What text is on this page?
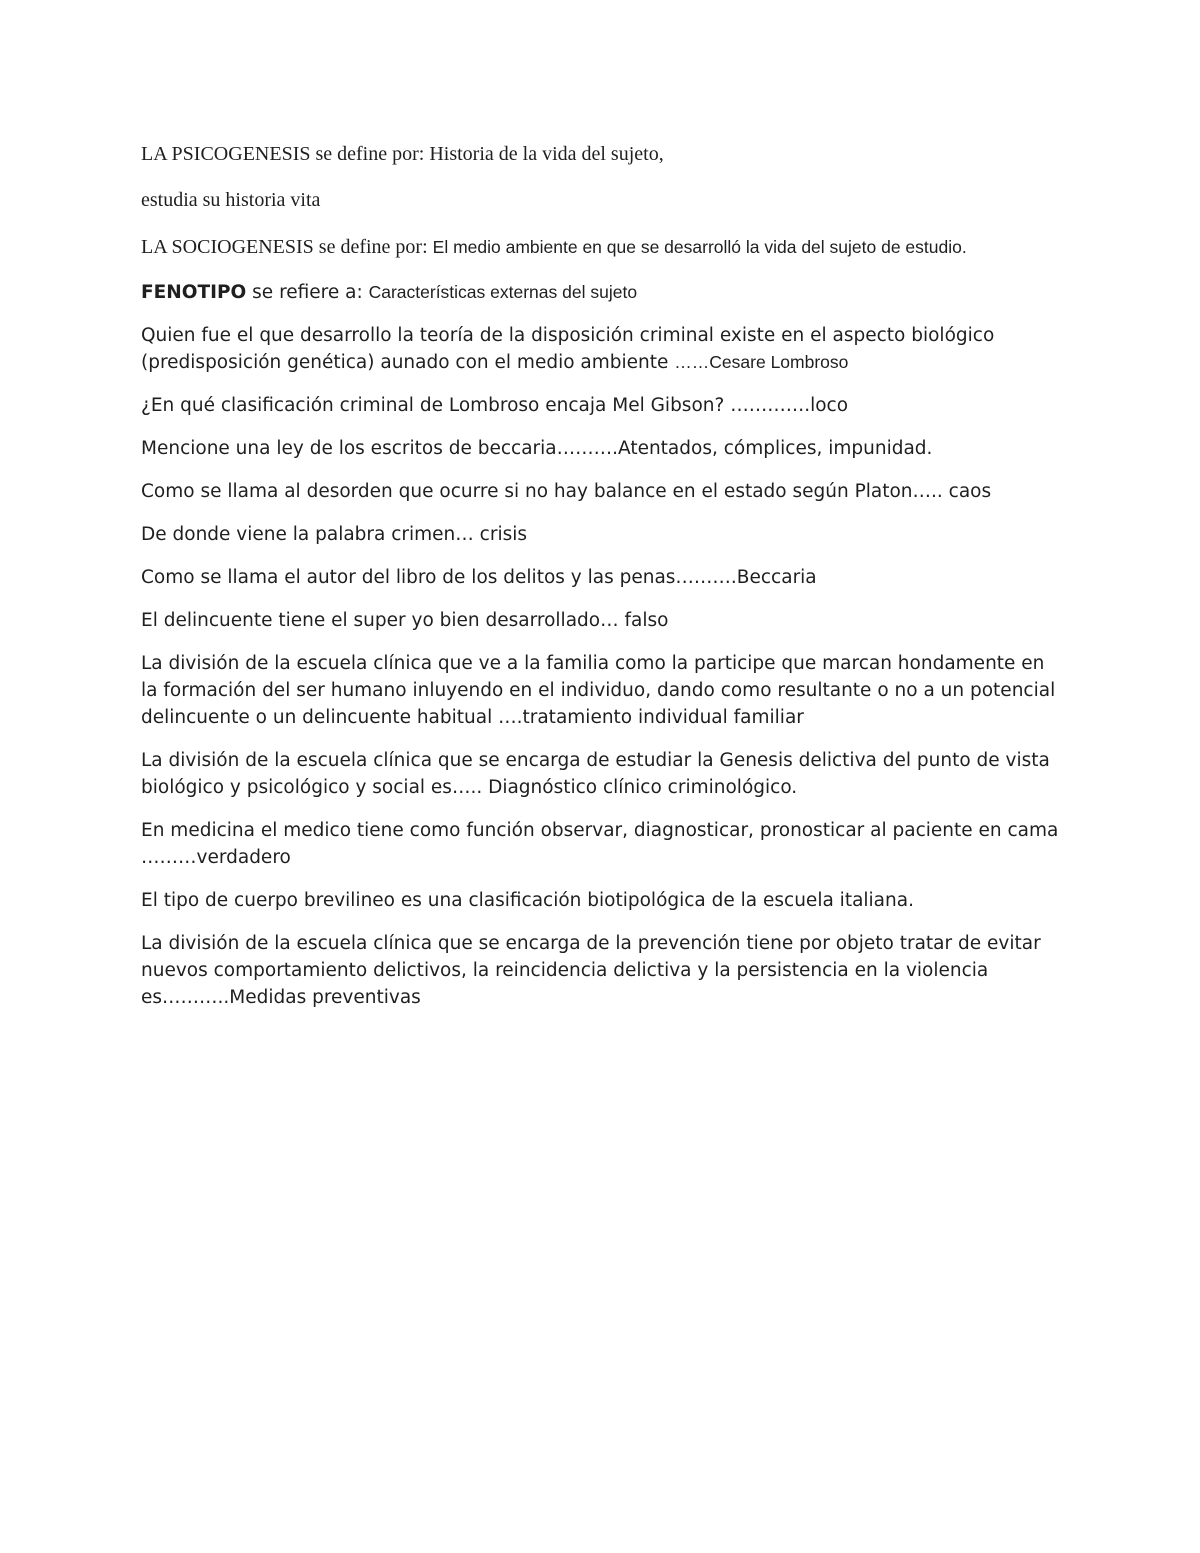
LA PSICOGENESIS se define por: Historia de la vida del sujeto,

estudia su historia vita

LA SOCIOGENESIS se define por: El medio ambiente en que se desarrolló la vida del sujeto de estudio.

FENOTIPO se refiere a: Características externas del sujeto

Quien fue el que desarrollo la teoría de la disposición criminal existe en el aspecto biológico (predisposición genética) aunado con el medio ambiente ……Cesare Lombroso

¿En qué clasificación criminal de Lombroso encaja Mel Gibson? ………….loco

Mencione una ley de los escritos de beccaria……….Atentados, cómplices, impunidad.

Como se llama al desorden que ocurre si no hay balance en el estado según Platon….. caos

De donde viene la palabra crimen… crisis

Como se llama el autor del libro de los delitos y las penas……….Beccaria

El delincuente tiene el super yo bien desarrollado… falso

La división de la escuela clínica que ve a la familia como la participe que marcan hondamente en la formación del ser humano inluyendo en el individuo, dando como resultante o no a un potencial delincuente o un delincuente habitual ….tratamiento individual familiar

La división de la escuela clínica que se encarga de estudiar la Genesis delictiva del punto de vista biológico y psicológico y social es….. Diagnóstico clínico criminológico.

En medicina el medico tiene como función observar, diagnosticar, pronosticar al paciente en cama ………verdadero

El tipo de cuerpo brevilineo es una clasificación biotipológica de la escuela italiana.

La división de la escuela clínica que se encarga de la prevención tiene por objeto tratar de evitar nuevos comportamiento delictivos, la reincidencia delictiva y la persistencia en la violencia es………..Medidas preventivas
